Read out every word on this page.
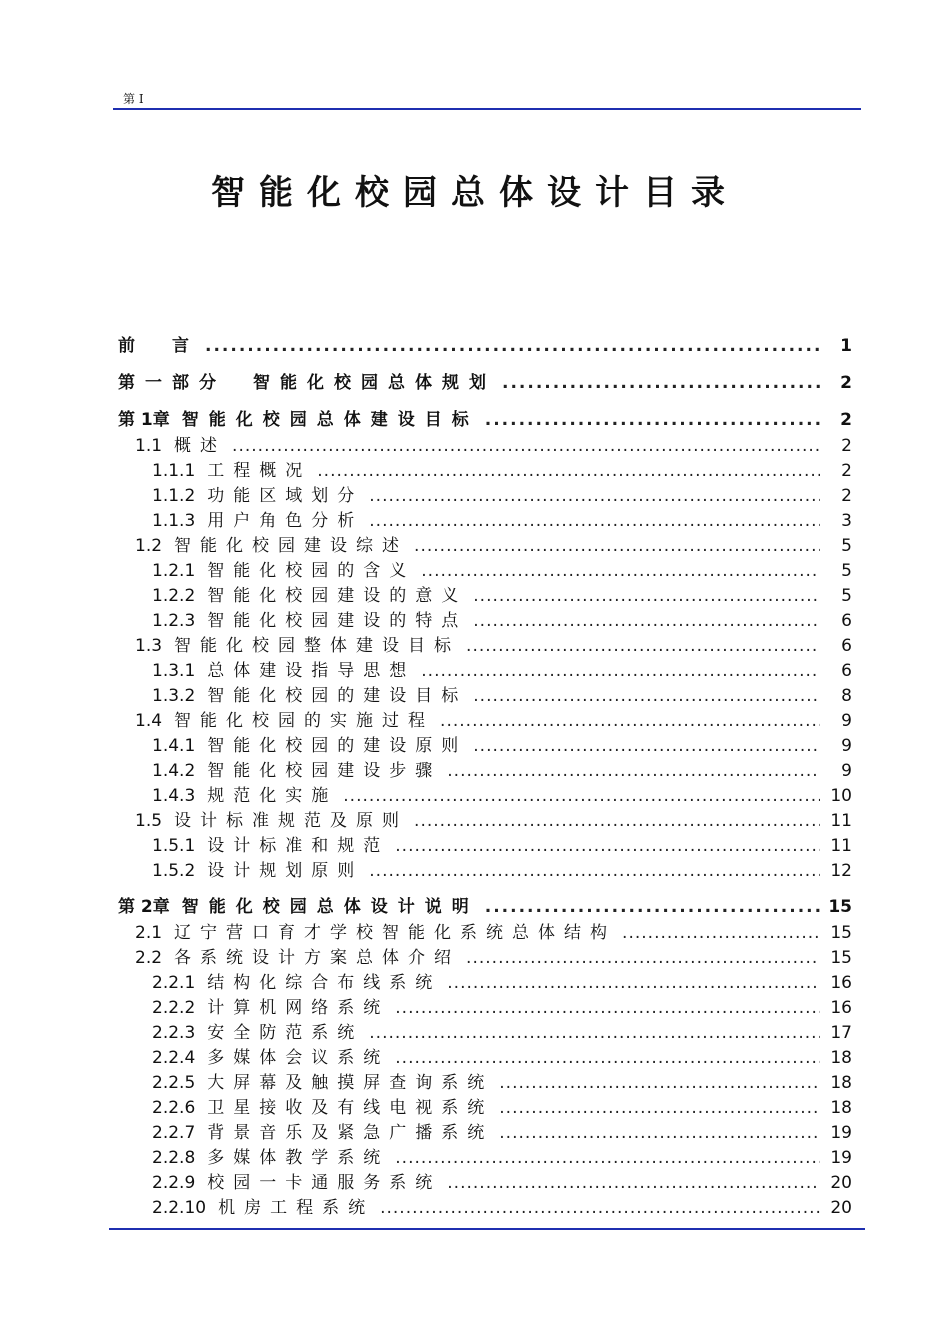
第 I
智能化校园总体设计目录
前　言 .....	1
第一部分　智能化校园总体规划 .....	2
第 1章 智能化校园总体建设目标 .....	2
1.1 概述 .....	2
1.1.1 工程概况 .....	2
1.1.2 功能区域划分 .....	2
1.1.3 用户角色分析 .....	3
1.2 智能化校园建设综述 .....	5
1.2.1 智能化校园的含义 .....	5
1.2.2 智能化校园建设的意义 .....	5
1.2.3 智能化校园建设的特点 .....	6
1.3 智能化校园整体建设目标 .....	6
1.3.1 总体建设指导思想 .....	6
1.3.2 智能化校园的建设目标 .....	8
1.4 智能化校园的实施过程 .....	9
1.4.1 智能化校园的建设原则 .....	9
1.4.2 智能化校园建设步骤 .....	9
1.4.3 规范化实施 .....	10
1.5 设计标准规范及原则 .....	11
1.5.1 设计标准和规范 .....	11
1.5.2 设计规划原则 .....	12
第 2章 智能化校园总体设计说明 .....	15
2.1 辽宁营口育才学校智能化系统总体结构 .....	15
2.2 各系统设计方案总体介绍 .....	15
2.2.1 结构化综合布线系统 .....	16
2.2.2 计算机网络系统 .....	16
2.2.3 安全防范系统 .....	17
2.2.4 多媒体会议系统 .....	18
2.2.5 大屏幕及触摸屏查询系统 .....	18
2.2.6 卫星接收及有线电视系统 .....	18
2.2.7 背景音乐及紧急广播系统 .....	19
2.2.8 多媒体教学系统 .....	19
2.2.9 校园一卡通服务系统 .....	20
2.2.10 机房工程系统 .....	20
